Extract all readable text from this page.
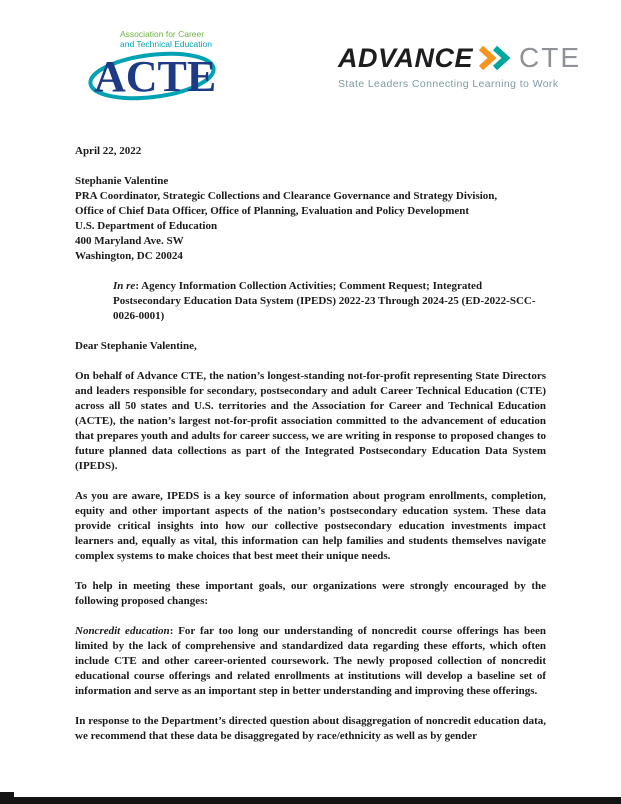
Association for Career
and Technical Education
ACTE	ADVANCE CTE
State Leaders Connecting Learning to Work

April 22, 2022

Stephanie Valentine
PRA Coordinator, Strategic Collections and Clearance Governance and Strategy Division,
Office of Chief Data Officer, Office of Planning, Evaluation and Policy Development
U.S. Department of Education
400 Maryland Ave. SW
Washington, DC 20024
In re: Agency Information Collection Activities; Comment Request; Integrated Postsecondary Education Data System (IPEDS) 2022-23 Through 2024-25 (ED-2022-SCC-0026-0001)

Dear Stephanie Valentine,

On behalf of Advance CTE, the nation’s longest-standing not-for-profit representing State Directors and leaders responsible for secondary, postsecondary and adult Career Technical Education (CTE) across all 50 states and U.S. territories and the Association for Career and Technical Education (ACTE), the nation’s largest not-for-profit association committed to the advancement of education that prepares youth and adults for career success, we are writing in response to proposed changes to future planned data collections as part of the Integrated Postsecondary Education Data System (IPEDS).

As you are aware, IPEDS is a key source of information about program enrollments, completion, equity and other important aspects of the nation’s postsecondary education system. These data provide critical insights into how our collective postsecondary education investments impact learners and, equally as vital, this information can help families and students themselves navigate complex systems to make choices that best meet their unique needs.

To help in meeting these important goals, our organizations were strongly encouraged by the following proposed changes:

Noncredit education: For far too long our understanding of noncredit course offerings has been limited by the lack of comprehensive and standardized data regarding these efforts, which often include CTE and other career-oriented coursework. The newly proposed collection of noncredit educational course offerings and related enrollments at institutions will develop a baseline set of information and serve as an important step in better understanding and improving these offerings.

In response to the Department’s directed question about disaggregation of noncredit education data, we recommend that these data be disaggregated by race/ethnicity as well as by gender
